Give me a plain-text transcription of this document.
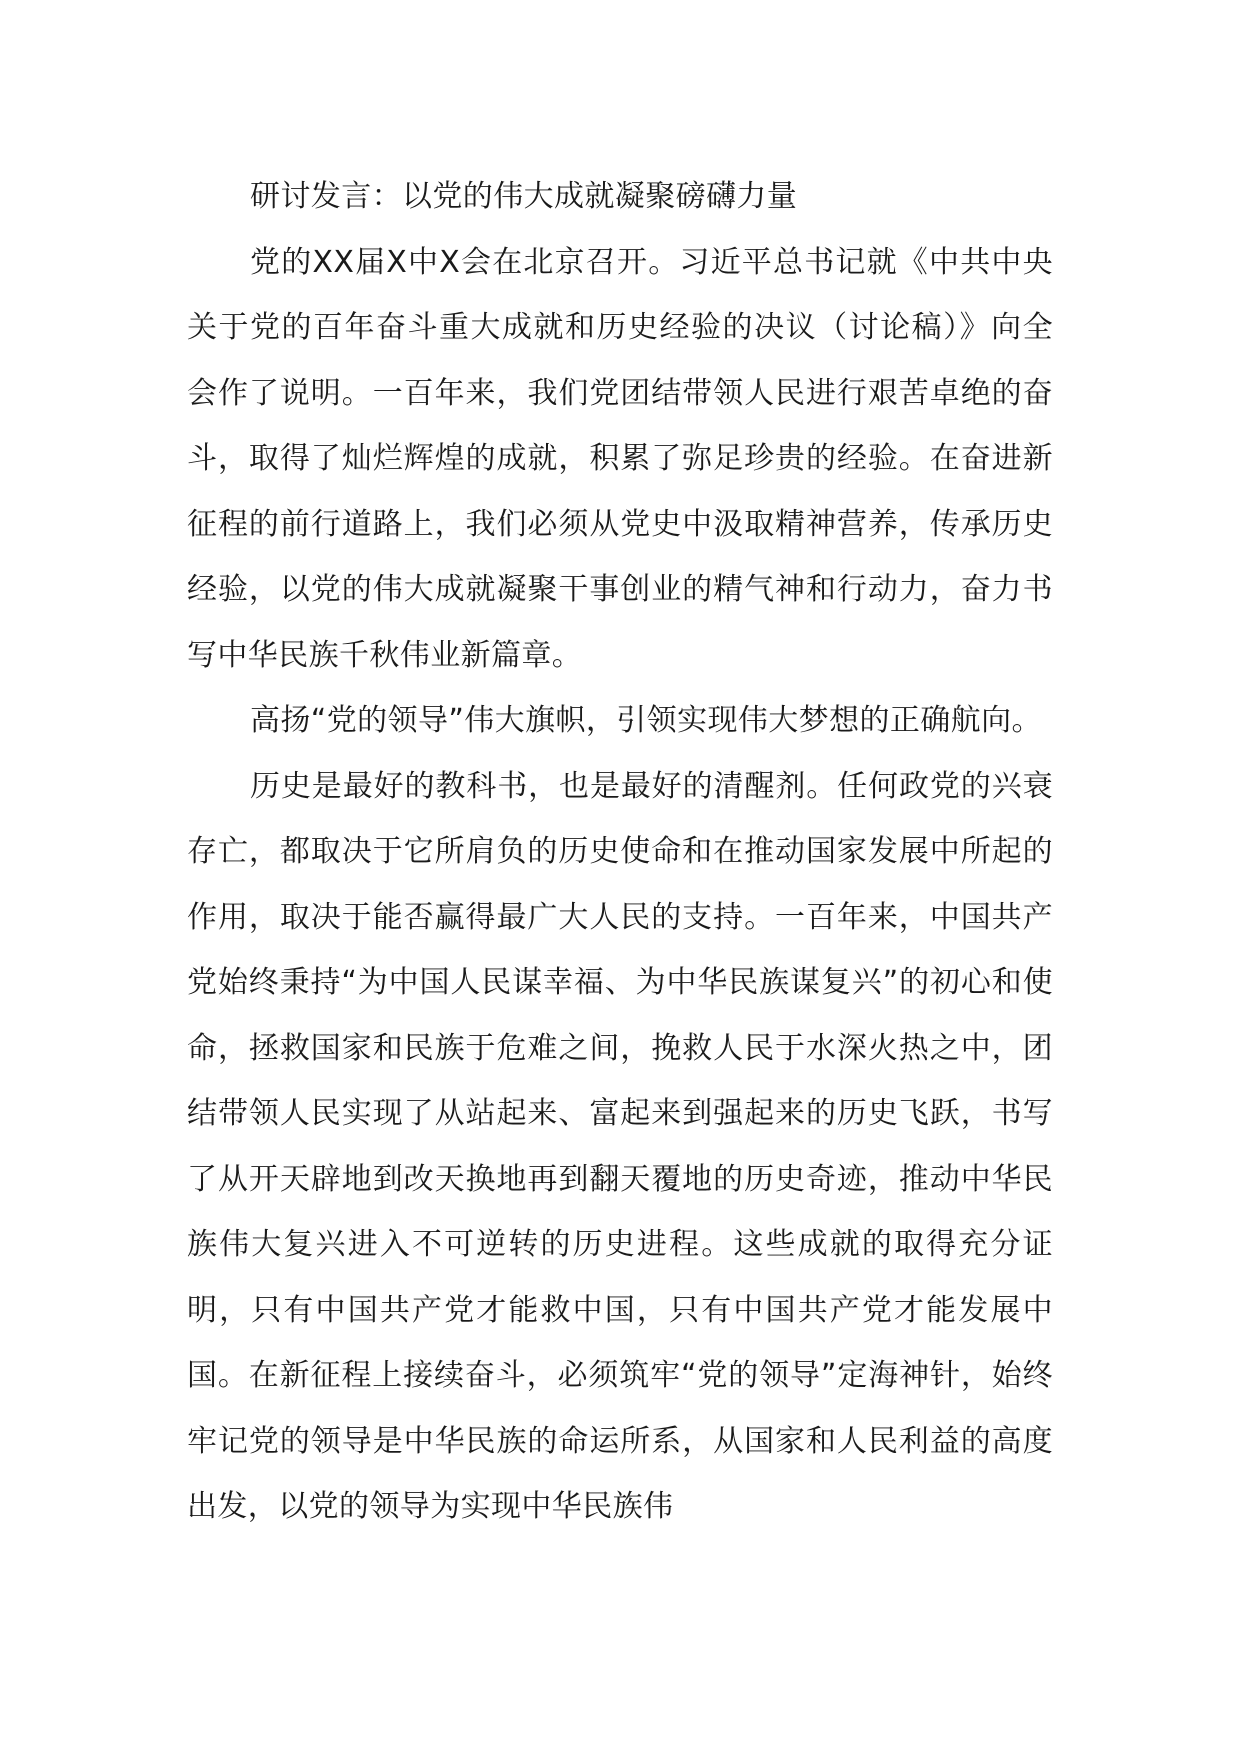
研讨发言：以党的伟大成就凝聚磅礴力量

党的XX届X中X会在北京召开。习近平总书记就《中共中央关于党的百年奋斗重大成就和历史经验的决议（讨论稿）》向全会作了说明。一百年来，我们党团结带领人民进行艰苦卓绝的奋斗，取得了灿烂辉煌的成就，积累了弥足珍贵的经验。在奋进新征程的前行道路上，我们必须从党史中汲取精神营养，传承历史经验，以党的伟大成就凝聚干事创业的精气神和行动力，奋力书写中华民族千秋伟业新篇章。

高扬“党的领导”伟大旗帜，引领实现伟大梦想的正确航向。

历史是最好的教科书，也是最好的清醒剂。任何政党的兴衰存亡，都取决于它所肩负的历史使命和在推动国家发展中所起的作用，取决于能否赢得最广大人民的支持。一百年来，中国共产党始终秉持“为中国人民谋幸福、为中华民族谋复兴”的初心和使命，拯救国家和民族于危难之间，挽救人民于水深火热之中，团结带领人民实现了从站起来、富起来到强起来的历史飞跃，书写了从开天辟地到改天换地再到翻天覆地的历史奇迹，推动中华民族伟大复兴进入不可逆转的历史进程。这些成就的取得充分证明，只有中国共产党才能救中国，只有中国共产党才能发展中国。在新征程上接续奋斗，必须筑牢“党的领导”定海神针，始终牢记党的领导是中华民族的命运所系，从国家和人民利益的高度出发，以党的领导为实现中华民族伟
